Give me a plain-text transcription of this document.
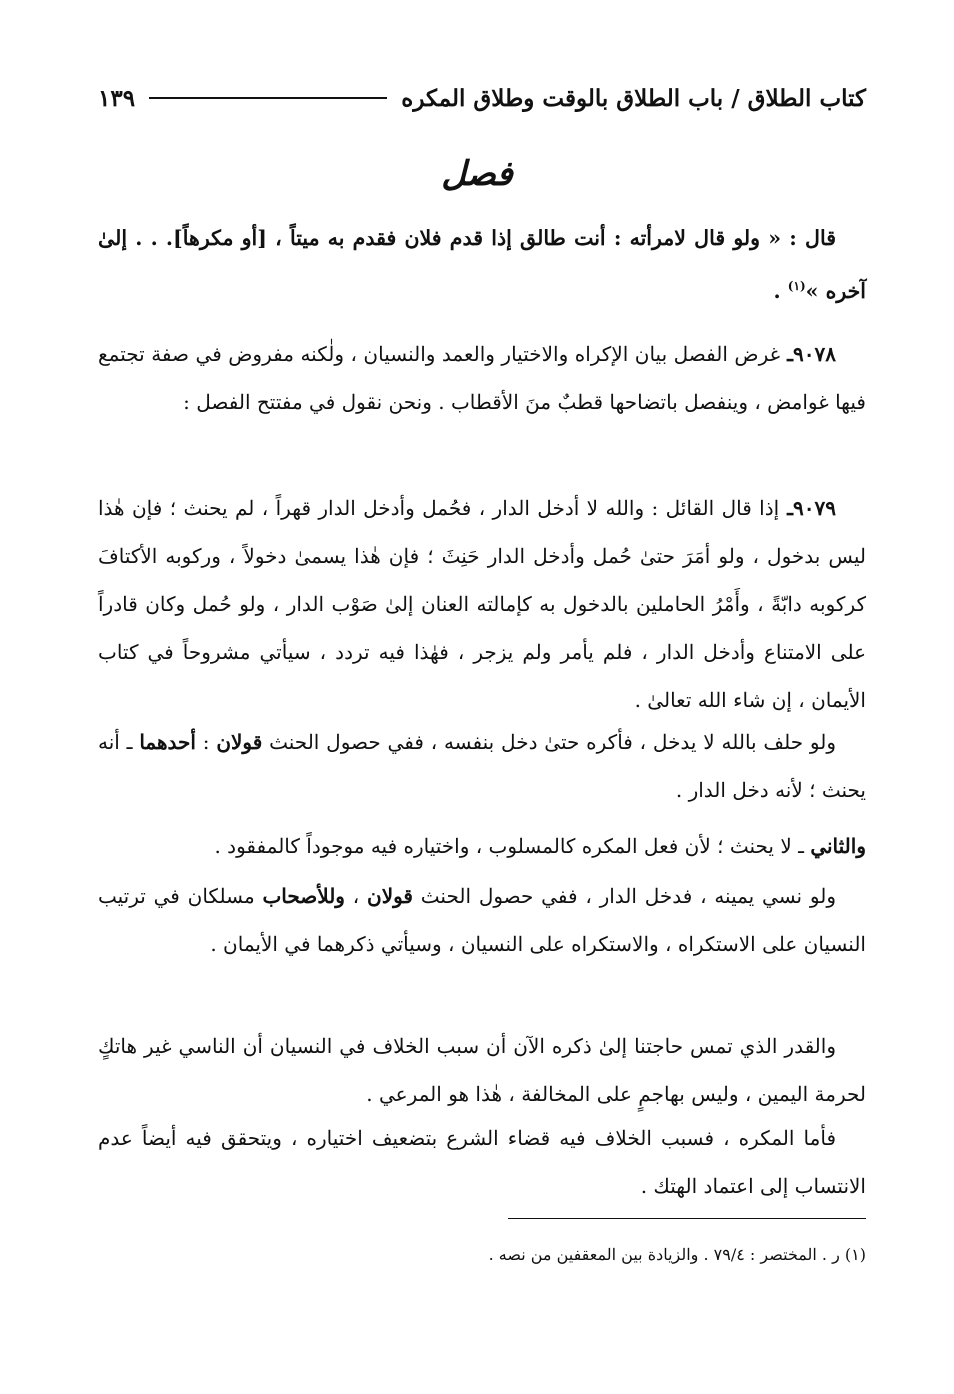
كتاب الطلاق / باب الطلاق بالوقت وطلاق المكره
١٣٩
فصل
قال : « ولو قال لامرأته : أنت طالق إذا قدم فلان فقدم به ميتاً ، [أو مكرهاً]. . . إلىٰ آخره »$^{(١)}$ .
٩٠٧٨ـ غرض الفصل بيان الإكراه والاختيار والعمد والنسيان ، ولٰكنه مفروض في صفة تجتمع فيها غوامض ، وينفصل باتضاحها قطبٌ منَ الأقطاب . ونحن نقول في مفتتح الفصل :
٩٠٧٩ـ إذا قال القائل : والله لا أدخل الدار ، فحُمل وأدخل الدار قهراً ، لم يحنث ؛ فإن هٰذا ليس بدخول ، ولو أمَرَ حتىٰ حُمل وأدخل الدار حَنِثَ ؛ فإن هٰذا يسمىٰ دخولاً ، وركوبه الأكتافَ كركوبه دابّةً ، وأَمْرُ الحاملين بالدخول به كإمالته العنان إلىٰ صَوْب الدار ، ولو حُمل وكان قادراً على الامتناع وأدخل الدار ، فلم يأمر ولم يزجر ، فهٰذا فيه تردد ، سيأتي مشروحاً في كتاب الأيمان ، إن شاء الله تعالىٰ .
ولو حلف بالله لا يدخل ، فأكره حتىٰ دخل بنفسه ، ففي حصول الحنث قولان : أحدهما ـ أنه يحنث ؛ لأنه دخل الدار .
والثاني ـ لا يحنث ؛ لأن فعل المكره كالمسلوب ، واختياره فيه موجوداً كالمفقود .
ولو نسي يمينه ، فدخل الدار ، ففي حصول الحنث قولان ، وللأصحاب مسلكان في ترتيب النسيان على الاستكراه ، والاستكراه على النسيان ، وسيأتي ذكرهما في الأيمان .
والقدر الذي تمس حاجتنا إلىٰ ذكره الآن أن سبب الخلاف في النسيان أن الناسي غير هاتكٍ لحرمة اليمين ، وليس بهاجمٍ على المخالفة ، هٰذا هو المرعي .
فأما المكره ، فسبب الخلاف فيه قضاء الشرع بتضعيف اختياره ، ويتحقق فيه أيضاً عدم الانتساب إلى اعتماد الهتك .
(١) ر . المختصر : ٧٩/٤ . والزيادة بين المعقفين من نصه .
